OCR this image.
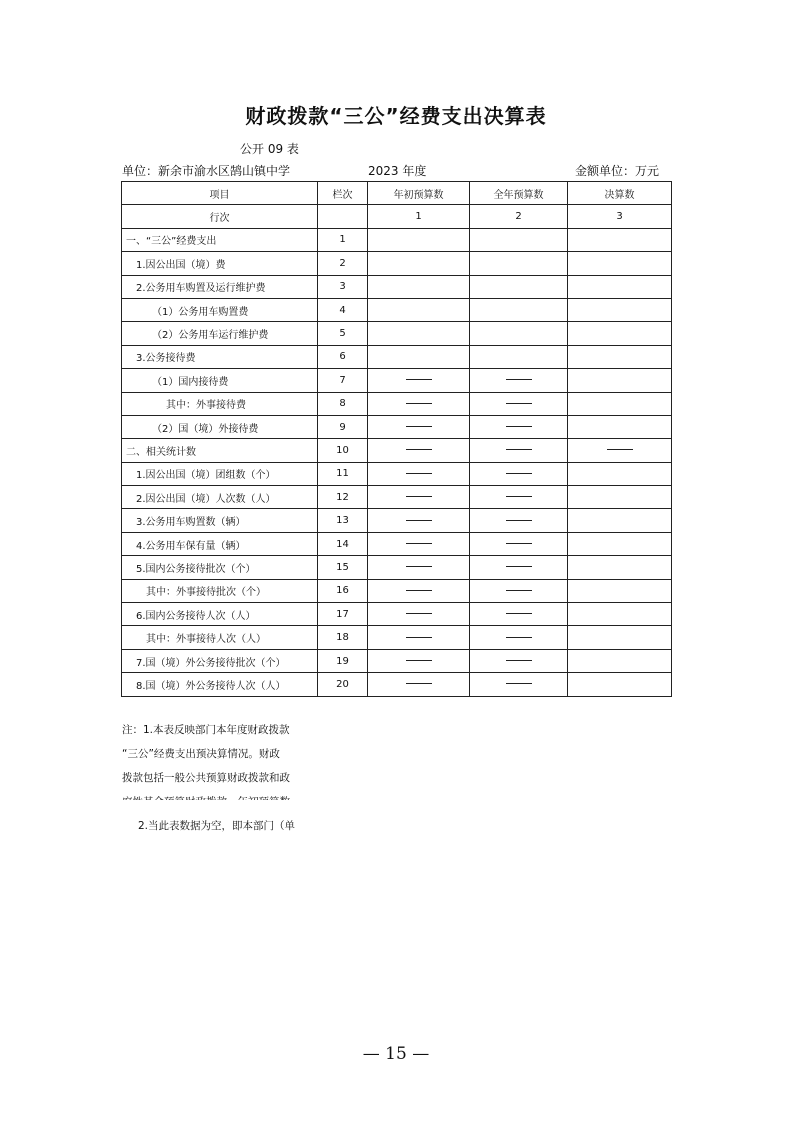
财政拨款“三公”经费支出决算表
公开 09 表
单位：新余市渝水区鹄山镇中学	2023 年度	金额单位：万元
项目	栏次	年初预算数	全年预算数	决算数
行次		1	2	3
一、“三公”经费支出	1			
1.因公出国（境）费	2			
2.公务用车购置及运行维护费	3			
（1）公务用车购置费	4			
（2）公务用车运行维护费	5			
3.公务接待费	6			
（1）国内接待费	7			
其中：外事接待费	8			
（2）国（境）外接待费	9			
二、相关统计数	10			
1.因公出国（境）团组数（个）	11			
2.因公出国（境）人次数（人）	12			
3.公务用车购置数（辆）	13			
4.公务用车保有量（辆）	14			
5.国内公务接待批次（个）	15			
其中：外事接待批次（个）	16			
6.国内公务接待人次（人）	17			
其中：外事接待人次（人）	18			
7.国（境）外公务接待批次（个）	19			
8.国（境）外公务接待人次（人）	20			

注：1.本表反映部门本年度财政拨款

“三公”经费支出预决算情况。财政

拨款包括一般公共预算财政拨款和政

2.当此表数据为空，即本部门（单

— 15 —
